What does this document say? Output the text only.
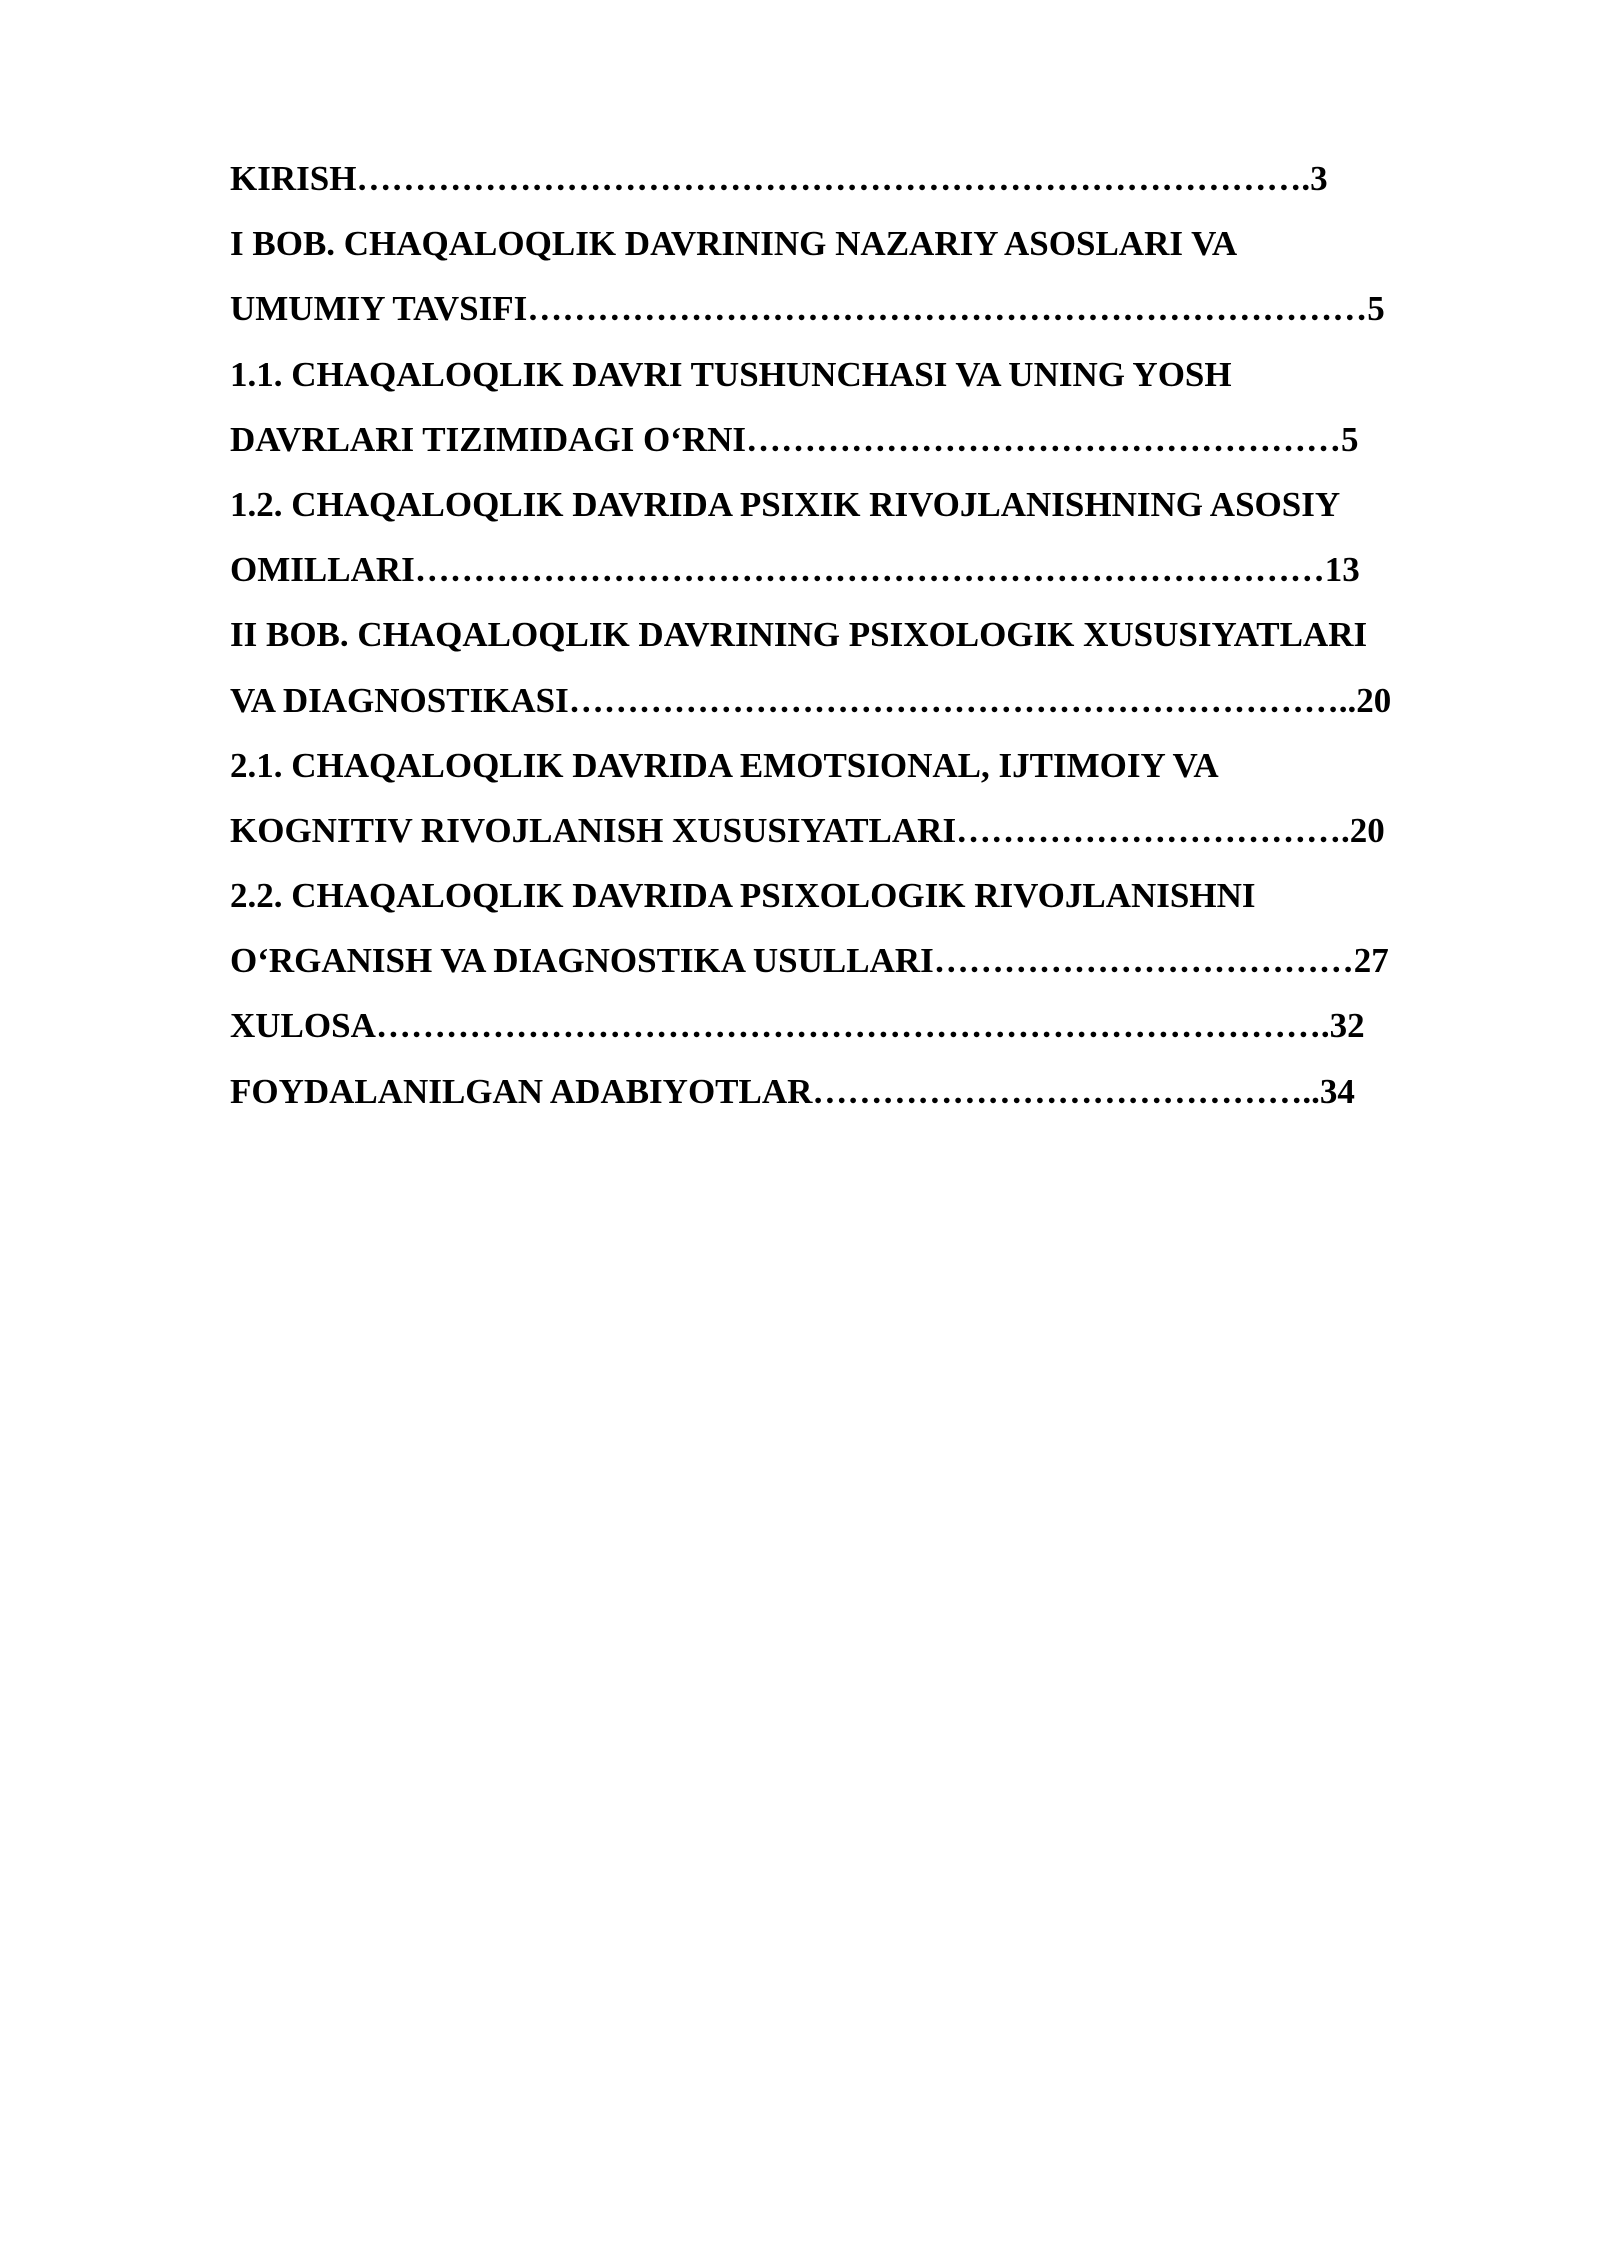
KIRISH……………………………………………………………………….3
I BOB. CHAQALOQLIK DAVRINING NAZARIY ASOSLARI VA
UMUMIY TAVSIFI………………………………………………………………5
1.1. CHAQALOQLIK DAVRI TUSHUNCHASI VA UNING YOSH
DAVRLARI TIZIMIDAGI O‘RNI……………………………………………5
1.2. CHAQALOQLIK DAVRIDA PSIXIK RIVOJLANISHNING ASOSIY
OMILLARI……………………………………………………………………13
II BOB. CHAQALOQLIK DAVRINING PSIXOLOGIK XUSUSIYATLARI
VA DIAGNOSTIKASI…………………………………………………………..20
2.1. CHAQALOQLIK DAVRIDA EMOTSIONAL, IJTIMOIY VA
KOGNITIV RIVOJLANISH XUSUSIYATLARI…………………………….20
2.2. CHAQALOQLIK DAVRIDA PSIXOLOGIK RIVOJLANISHNI
O‘RGANISH VA DIAGNOSTIKA USULLARI………………………………27
XULOSA……………………………………………………………………….32
FOYDALANILGAN ADABIYOTLAR……………………………………..34
